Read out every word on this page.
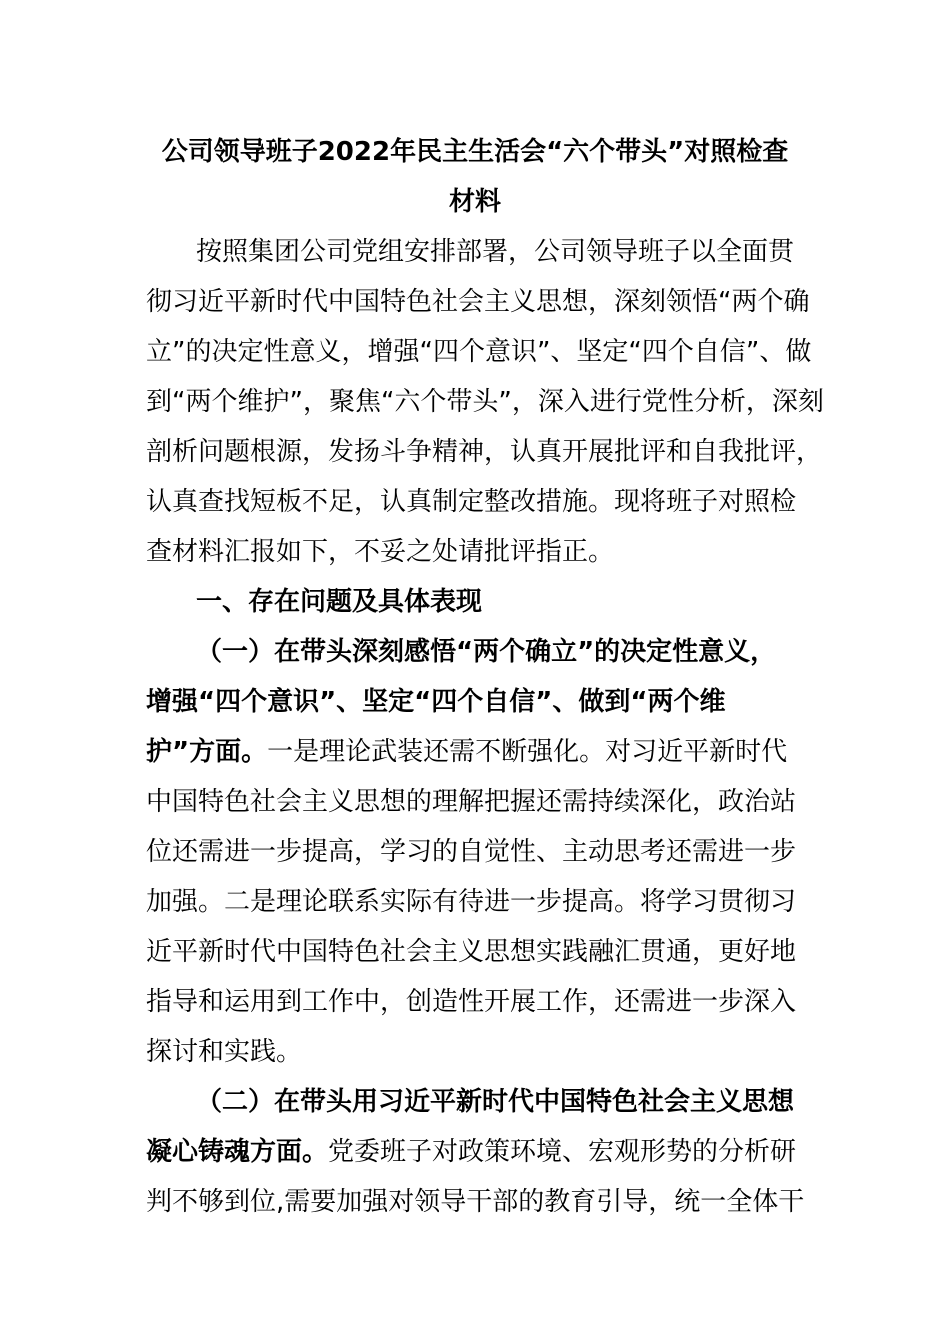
公司领导班子2022年民主生活会“六个带头”对照检查

材料

按照集团公司党组安排部署，公司领导班子以全面贯

彻习近平新时代中国特色社会主义思想，深刻领悟“两个确

立”的决定性意义，增强“四个意识”、坚定“四个自信”、做

到“两个维护”，聚焦“六个带头”，深入进行党性分析，深刻

剖析问题根源，发扬斗争精神，认真开展批评和自我批评，

认真查找短板不足，认真制定整改措施。现将班子对照检

查材料汇报如下，不妥之处请批评指正。

一、存在问题及具体表现

（一）在带头深刻感悟“两个确立”的决定性意义，

增强“四个意识”、坚定“四个自信”、做到“两个维

护”方面。一是理论武装还需不断强化。对习近平新时代

中国特色社会主义思想的理解把握还需持续深化，政治站

位还需进一步提高，学习的自觉性、主动思考还需进一步

加强。二是理论联系实际有待进一步提高。将学习贯彻习

近平新时代中国特色社会主义思想实践融汇贯通，更好地

指导和运用到工作中，创造性开展工作，还需进一步深入

探讨和实践。

（二）在带头用习近平新时代中国特色社会主义思想

凝心铸魂方面。党委班子对政策环境、宏观形势的分析研

判不够到位,需要加强对领导干部的教育引导，统一全体干
